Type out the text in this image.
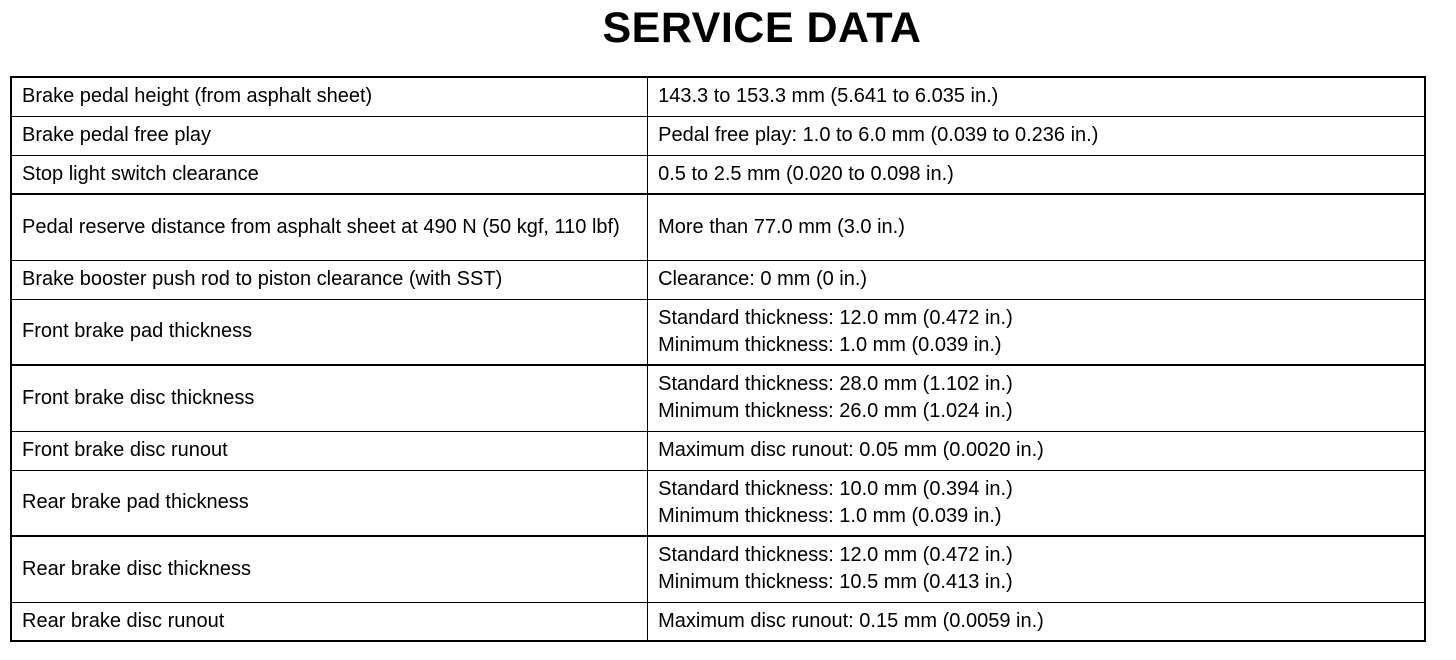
SERVICE DATA
Brake pedal height (from asphalt sheet)	143.3 to 153.3 mm (5.641 to 6.035 in.)

Brake pedal free play	Pedal free play: 1.0 to 6.0 mm (0.039 to 0.236 in.)

Stop light switch clearance	0.5 to 2.5 mm (0.020 to 0.098 in.)

Pedal reserve distance from asphalt sheet at 490 N (50 kgf, 110 lbf)	More than 77.0 mm (3.0 in.)

Brake booster push rod to piston clearance (with SST)	Clearance: 0 mm (0 in.)

Front brake pad thickness	Standard thickness: 12.0 mm (0.472 in.)
Minimum thickness: 1.0 mm (0.039 in.)

Front brake disc thickness	Standard thickness: 28.0 mm (1.102 in.)
Minimum thickness: 26.0 mm (1.024 in.)

Front brake disc runout	Maximum disc runout: 0.05 mm (0.0020 in.)

Rear brake pad thickness	Standard thickness: 10.0 mm (0.394 in.)
Minimum thickness: 1.0 mm (0.039 in.)

Rear brake disc thickness	Standard thickness: 12.0 mm (0.472 in.)
Minimum thickness: 10.5 mm (0.413 in.)

Rear brake disc runout	Maximum disc runout: 0.15 mm (0.0059 in.)
